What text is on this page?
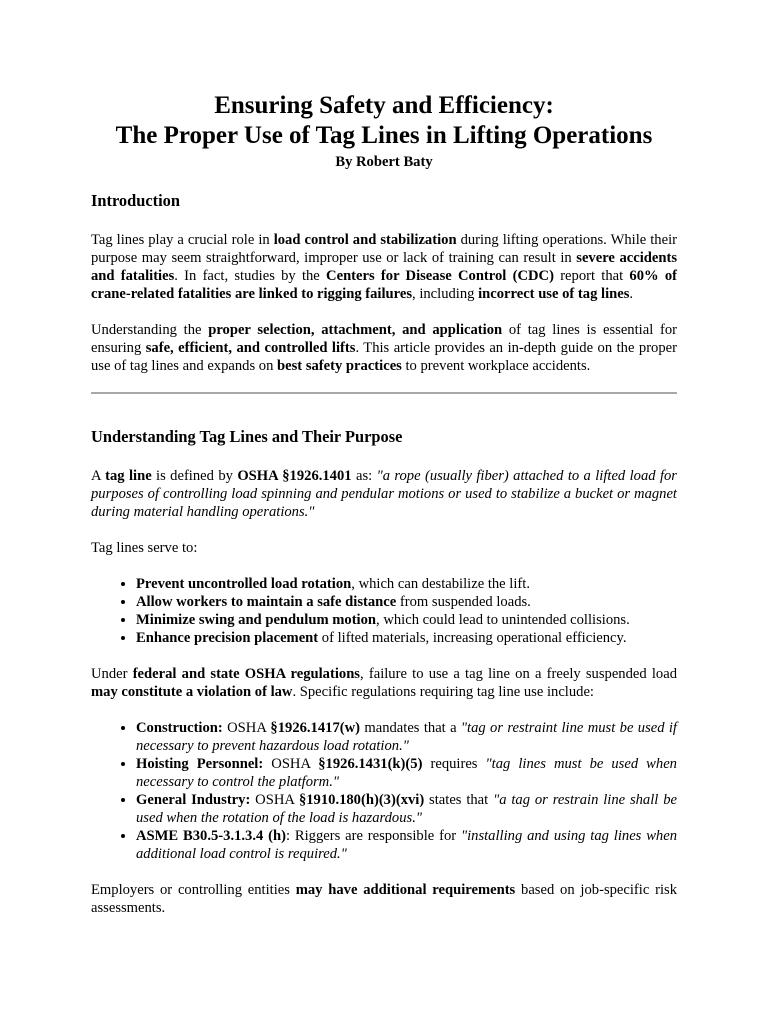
Ensuring Safety and Efficiency:
The Proper Use of Tag Lines in Lifting Operations
By Robert Baty
Introduction

Tag lines play a crucial role in load control and stabilization during lifting operations. While their purpose may seem straightforward, improper use or lack of training can result in severe accidents and fatalities. In fact, studies by the Centers for Disease Control (CDC) report that 60% of crane-related fatalities are linked to rigging failures, including incorrect use of tag lines.

Understanding the proper selection, attachment, and application of tag lines is essential for ensuring safe, efficient, and controlled lifts. This article provides an in-depth guide on the proper use of tag lines and expands on best safety practices to prevent workplace accidents.

Understanding Tag Lines and Their Purpose

A tag line is defined by OSHA §1926.1401 as: "a rope (usually fiber) attached to a lifted load for purposes of controlling load spinning and pendular motions or used to stabilize a bucket or magnet during material handling operations."

Tag lines serve to:

• Prevent uncontrolled load rotation, which can destabilize the lift.
• Allow workers to maintain a safe distance from suspended loads.
• Minimize swing and pendulum motion, which could lead to unintended collisions.
• Enhance precision placement of lifted materials, increasing operational efficiency.

Under federal and state OSHA regulations, failure to use a tag line on a freely suspended load may constitute a violation of law. Specific regulations requiring tag line use include:

• Construction: OSHA §1926.1417(w) mandates that a "tag or restraint line must be used if necessary to prevent hazardous load rotation."
• Hoisting Personnel: OSHA §1926.1431(k)(5) requires "tag lines must be used when necessary to control the platform."
• General Industry: OSHA §1910.180(h)(3)(xvi) states that "a tag or restrain line shall be used when the rotation of the load is hazardous."
• ASME B30.5-3.1.3.4 (h): Riggers are responsible for "installing and using tag lines when additional load control is required."

Employers or controlling entities may have additional requirements based on job-specific risk assessments.
